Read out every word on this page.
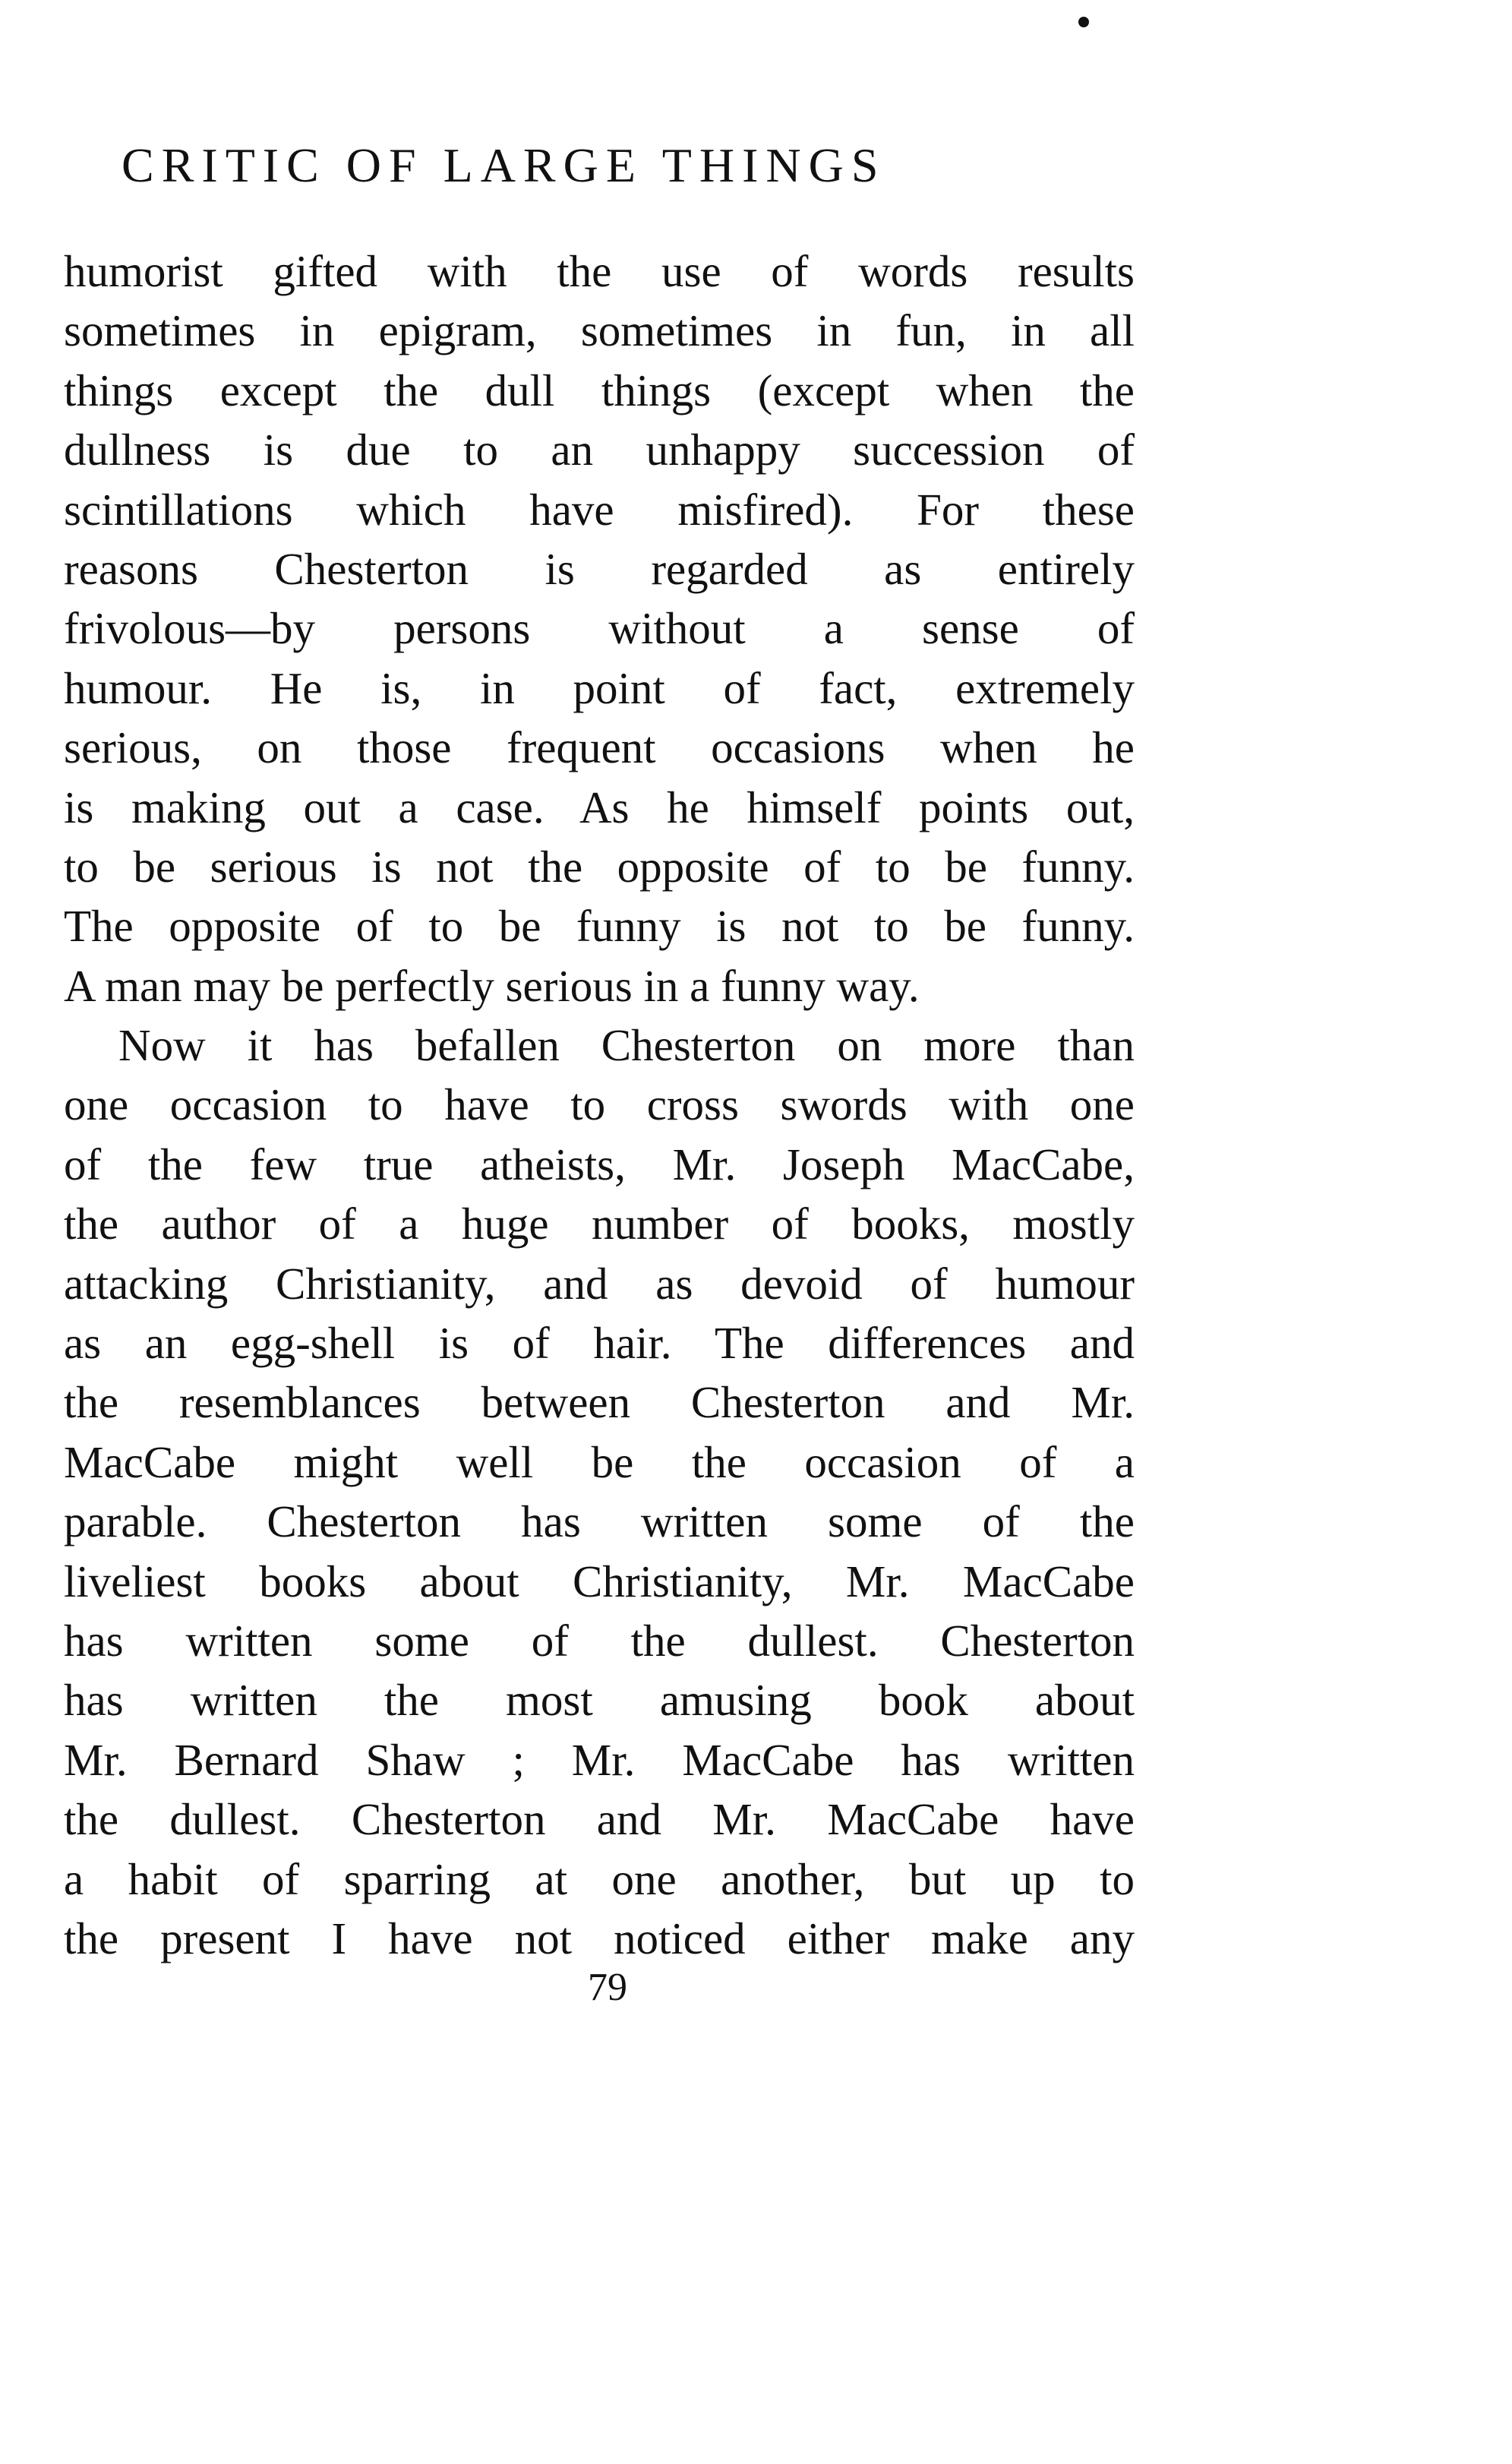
CRITIC OF LARGE THINGS
humorist gifted with the use of words results
sometimes in epigram, sometimes in fun, in all
things except the dull things (except when the
dullness is due to an unhappy succession of
scintillations which have misfired). For these
reasons Chesterton is regarded as entirely
frivolous—by persons without a sense of
humour. He is, in point of fact, extremely
serious, on those frequent occasions when he
is making out a case. As he himself points out,
to be serious is not the opposite of to be funny.
The opposite of to be funny is not to be funny.
A man may be perfectly serious in a funny way.
Now it has befallen Chesterton on more than
one occasion to have to cross swords with one
of the few true atheists, Mr. Joseph MacCabe,
the author of a huge number of books, mostly
attacking Christianity, and as devoid of humour
as an egg-shell is of hair. The differences and
the resemblances between Chesterton and Mr.
MacCabe might well be the occasion of a
parable. Chesterton has written some of the
liveliest books about Christianity, Mr. MacCabe
has written some of the dullest. Chesterton
has written the most amusing book about
Mr. Bernard Shaw ; Mr. MacCabe has written
the dullest. Chesterton and Mr. MacCabe have
a habit of sparring at one another, but up to
the present I have not noticed either make any
79
